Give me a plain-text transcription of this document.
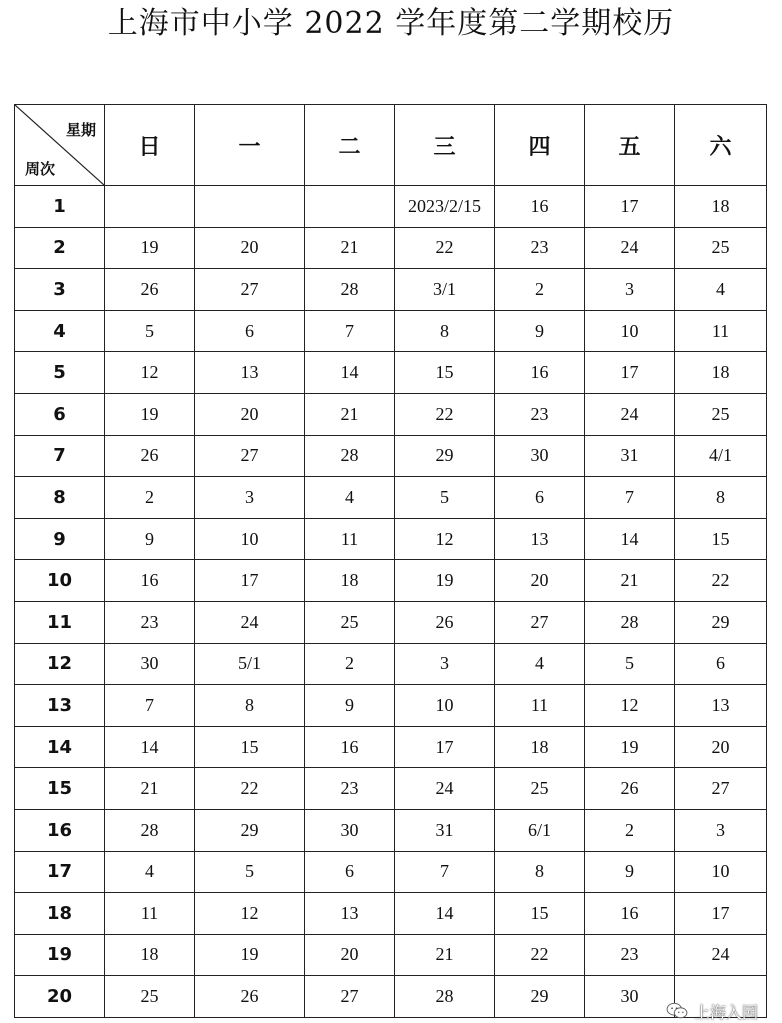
上海市中小学 2022 学年度第二学期校历
星期
周次	日	一	二	三	四	五	六
1				2023/2/15	16	17	18
2	19	20	21	22	23	24	25
3	26	27	28	3/1	2	3	4
4	5	6	7	8	9	10	11
5	12	13	14	15	16	17	18
6	19	20	21	22	23	24	25
7	26	27	28	29	30	31	4/1
8	2	3	4	5	6	7	8
9	9	10	11	12	13	14	15
10	16	17	18	19	20	21	22
11	23	24	25	26	27	28	29
12	30	5/1	2	3	4	5	6
13	7	8	9	10	11	12	13
14	14	15	16	17	18	19	20
15	21	22	23	24	25	26	27
16	28	29	30	31	6/1	2	3
17	4	5	6	7	8	9	10
18	11	12	13	14	15	16	17
19	18	19	20	21	22	23	24
20	25	26	27	28	29	30	
上海入园
